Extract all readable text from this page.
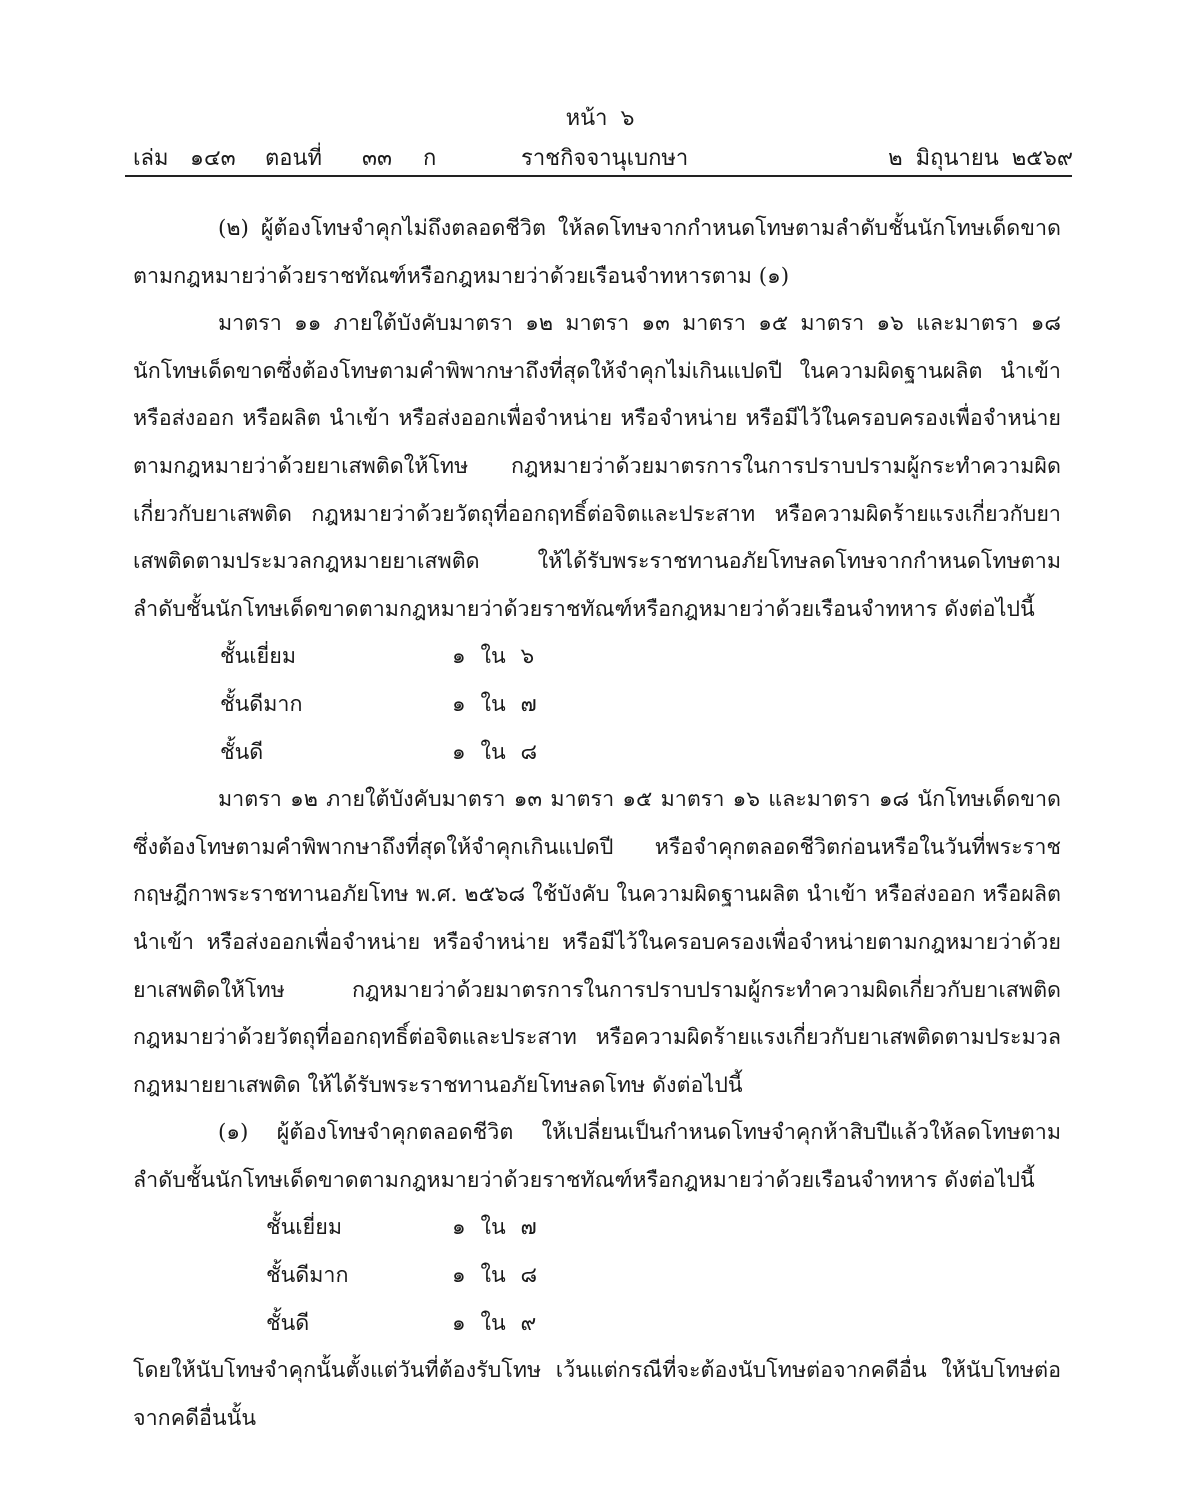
หน้า ๖
เล่ม ๑๔๓ ตอนที่ ๓๓ ก	ราชกิจจานุเบกษา	๒ มิถุนายน ๒๕๖๙

(๒) ผู้ต้องโทษจำคุกไม่ถึงตลอดชีวิต ให้ลดโทษจากกำหนดโทษตามลำดับชั้นนักโทษเด็ดขาดตามกฎหมายว่าด้วยราชทัณฑ์หรือกฎหมายว่าด้วยเรือนจำทหารตาม (๑)

มาตรา ๑๑ ภายใต้บังคับมาตรา ๑๒ มาตรา ๑๓ มาตรา ๑๕ มาตรา ๑๖ และมาตรา ๑๘ นักโทษเด็ดขาดซึ่งต้องโทษตามคำพิพากษาถึงที่สุดให้จำคุกไม่เกินแปดปี ในความผิดฐานผลิต นำเข้า หรือส่งออก หรือผลิต นำเข้า หรือส่งออกเพื่อจำหน่าย หรือจำหน่าย หรือมีไว้ในครอบครองเพื่อจำหน่ายตามกฎหมายว่าด้วยยาเสพติดให้โทษ กฎหมายว่าด้วยมาตรการในการปราบปรามผู้กระทำความผิดเกี่ยวกับยาเสพติด กฎหมายว่าด้วยวัตถุที่ออกฤทธิ์ต่อจิตและประสาท หรือความผิดร้ายแรงเกี่ยวกับยาเสพติดตามประมวลกฎหมายยาเสพติด ให้ได้รับพระราชทานอภัยโทษลดโทษจากกำหนดโทษตามลำดับชั้นนักโทษเด็ดขาดตามกฎหมายว่าด้วยราชทัณฑ์หรือกฎหมายว่าด้วยเรือนจำทหาร ดังต่อไปนี้

ชั้นเยี่ยม	๑ ใน ๖
ชั้นดีมาก	๑ ใน ๗
ชั้นดี	๑ ใน ๘

มาตรา ๑๒ ภายใต้บังคับมาตรา ๑๓ มาตรา ๑๕ มาตรา ๑๖ และมาตรา ๑๘ นักโทษเด็ดขาดซึ่งต้องโทษตามคำพิพากษาถึงที่สุดให้จำคุกเกินแปดปี หรือจำคุกตลอดชีวิตก่อนหรือในวันที่พระราชกฤษฎีกาพระราชทานอภัยโทษ พ.ศ. ๒๕๖๘ ใช้บังคับ ในความผิดฐานผลิต นำเข้า หรือส่งออก หรือผลิตนำเข้า หรือส่งออกเพื่อจำหน่าย หรือจำหน่าย หรือมีไว้ในครอบครองเพื่อจำหน่ายตามกฎหมายว่าด้วยยาเสพติดให้โทษ กฎหมายว่าด้วยมาตรการในการปราบปรามผู้กระทำความผิดเกี่ยวกับยาเสพติดกฎหมายว่าด้วยวัตถุที่ออกฤทธิ์ต่อจิตและประสาท หรือความผิดร้ายแรงเกี่ยวกับยาเสพติดตามประมวลกฎหมายยาเสพติด ให้ได้รับพระราชทานอภัยโทษลดโทษ ดังต่อไปนี้

(๑) ผู้ต้องโทษจำคุกตลอดชีวิต ให้เปลี่ยนเป็นกำหนดโทษจำคุกห้าสิบปีแล้วให้ลดโทษตามลำดับชั้นนักโทษเด็ดขาดตามกฎหมายว่าด้วยราชทัณฑ์หรือกฎหมายว่าด้วยเรือนจำทหาร ดังต่อไปนี้

ชั้นเยี่ยม	๑ ใน ๗
ชั้นดีมาก	๑ ใน ๘
ชั้นดี	๑ ใน ๙

โดยให้นับโทษจำคุกนั้นตั้งแต่วันที่ต้องรับโทษ เว้นแต่กรณีที่จะต้องนับโทษต่อจากคดีอื่น ให้นับโทษต่อจากคดีอื่นนั้น
